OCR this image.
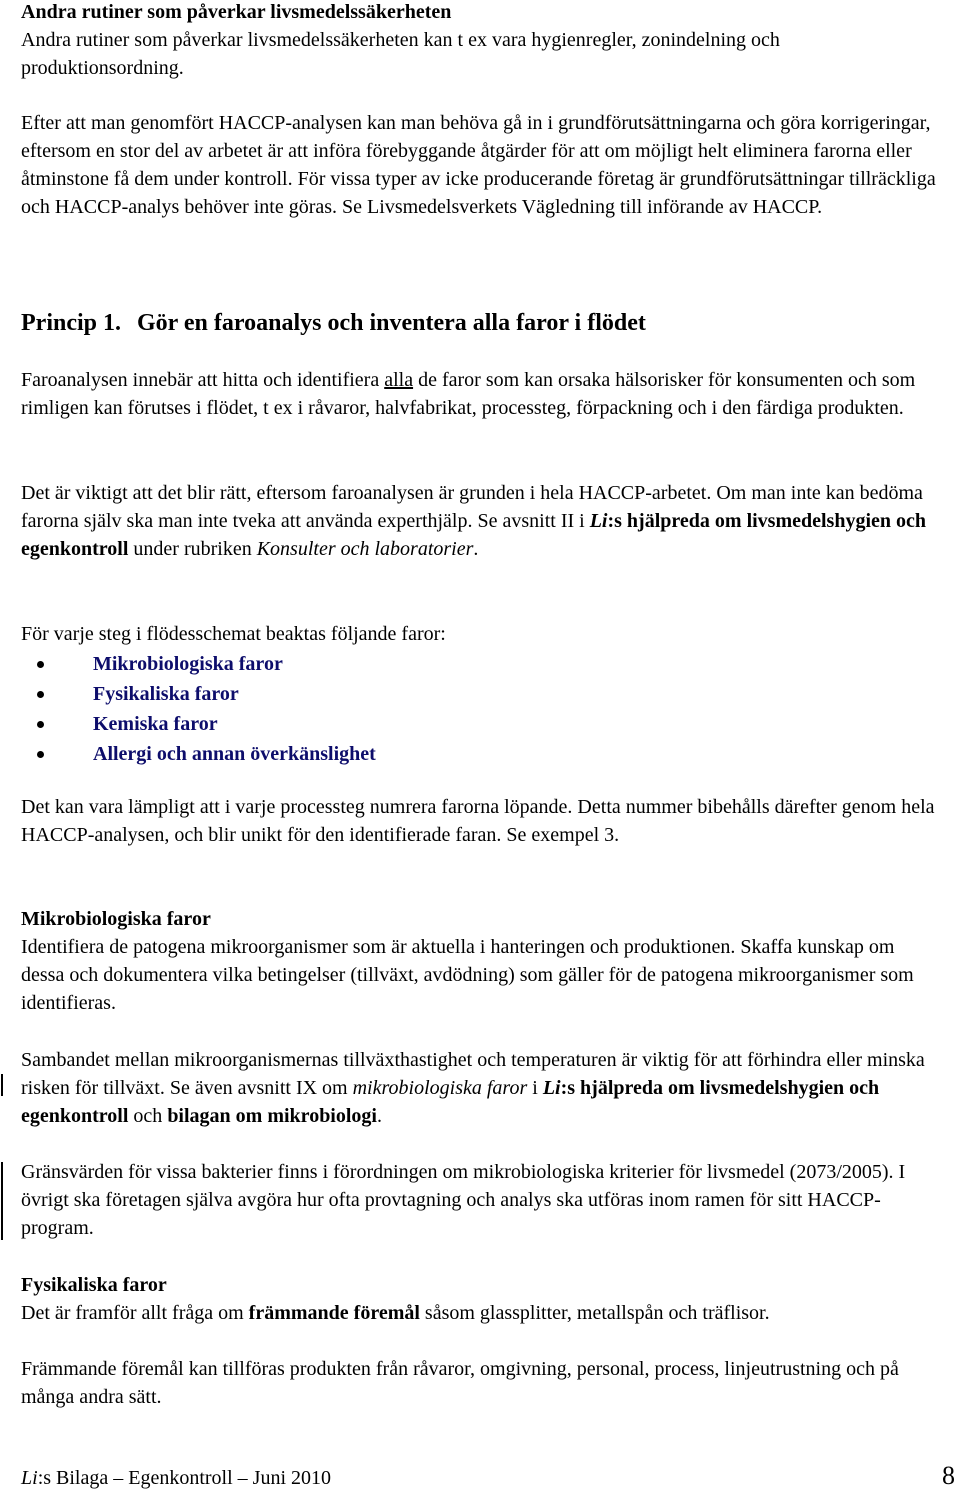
Andra rutiner som påverkar livsmedelssäkerheten
Andra rutiner som påverkar livsmedelssäkerheten kan t ex vara hygienregler, zonindelning och produktionsordning.
Efter att man genomfört HACCP-analysen kan man behöva gå in i grundförutsättningarna och göra korrigeringar, eftersom en stor del av arbetet är att införa förebyggande åtgärder för att om möjligt helt eliminera farorna eller åtminstone få dem under kontroll. För vissa typer av icke producerande företag är grundförutsättningar tillräckliga och HACCP-analys behöver inte göras. Se Livsmedelsverkets Vägledning till införande av HACCP.
Princip 1. Gör en faroanalys och inventera alla faror i flödet
Faroanalysen innebär att hitta och identifiera alla de faror som kan orsaka hälsorisker för konsumenten och som rimligen kan förutses i flödet, t ex i råvaror, halvfabrikat, processteg, förpackning och i den färdiga produkten.
Det är viktigt att det blir rätt, eftersom faroanalysen är grunden i hela HACCP-arbetet. Om man inte kan bedöma farorna själv ska man inte tveka att använda experthjälp. Se avsnitt II i Li:s hjälpreda om livsmedelshygien och egenkontroll under rubriken Konsulter och laboratorier.
För varje steg i flödesschemat beaktas följande faror:
Mikrobiologiska faror
Fysikaliska faror
Kemiska faror
Allergi och annan överkänslighet
Det kan vara lämpligt att i varje processteg numrera farorna löpande. Detta nummer bibehålls därefter genom hela HACCP-analysen, och blir unikt för den identifierade faran. Se exempel 3.
Mikrobiologiska faror
Identifiera de patogena mikroorganismer som är aktuella i hanteringen och produktionen. Skaffa kunskap om dessa och dokumentera vilka betingelser (tillväxt, avdödning) som gäller för de patogena mikroorganismer som identifieras.
Sambandet mellan mikroorganismernas tillväxthastighet och temperaturen är viktig för att förhindra eller minska risken för tillväxt. Se även avsnitt IX om mikrobiologiska faror i Li:s hjälpreda om livsmedelshygien och egenkontroll och bilagan om mikrobiologi.
Gränsvärden för vissa bakterier finns i förordningen om mikrobiologiska kriterier för livsmedel (2073/2005). I övrigt ska företagen själva avgöra hur ofta provtagning och analys ska utföras inom ramen för sitt HACCP-program.
Fysikaliska faror
Det är framför allt fråga om främmande föremål såsom glassplitter, metallspån och träflisor.
Främmande föremål kan tillföras produkten från råvaror, omgivning, personal, process, linjeutrustning och på många andra sätt.
Li:s Bilaga – Egenkontroll – Juni 2010	8
